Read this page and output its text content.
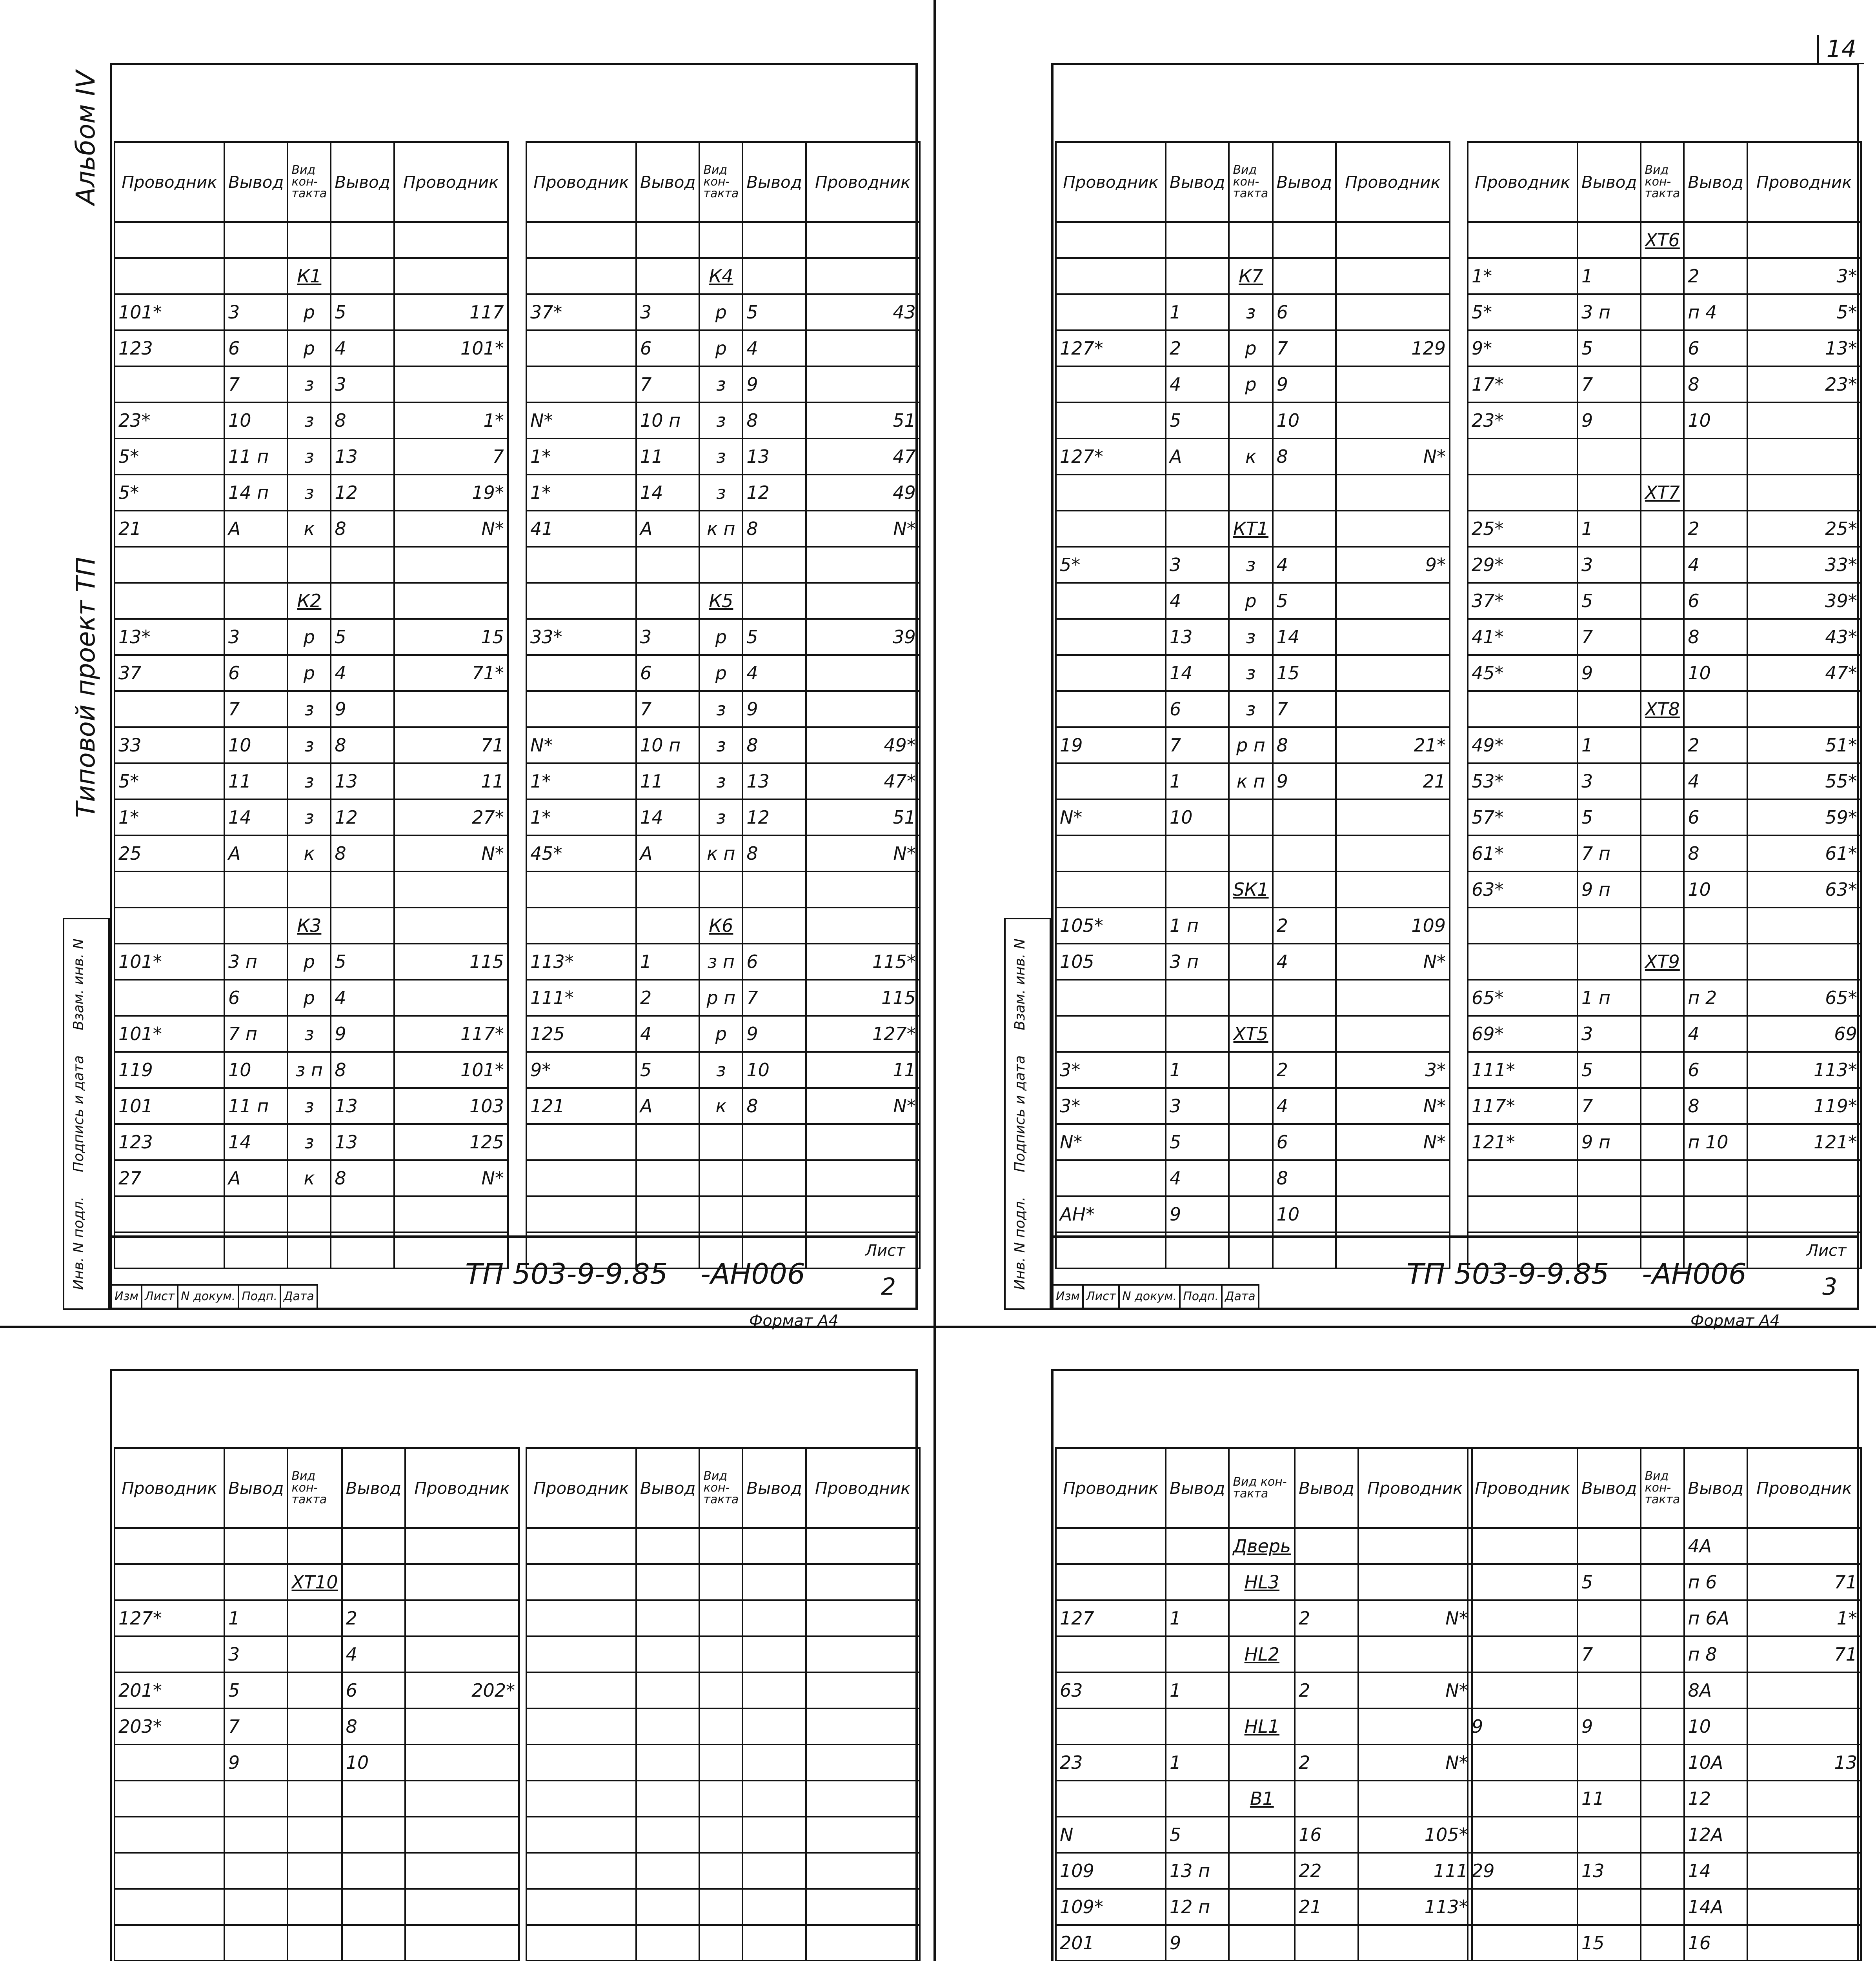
14
Проводник	Вывод	Вид кон- такта	Вывод	Проводник

		К1		
101*	3	р	5	117
123	6	р	4	101*
	7	з	3	
23*	10	з	8	1*
5*	11 п	з	13	7
5*	14 п	з	12	19*
21	А	к	8	N*

		К2		
13*	3	р	5	15
37	6	р	4	71*
	7	з	9	
33	10	з	8	71
5*	11	з	13	11
1*	14	з	12	27*
25	А	к	8	N*

		К3		
101*	3 п	р	5	115
	6	р	4	
101*	7 п	з	9	117*
119	10	з п	8	101*
101	11 п	з	13	103
123	14	з	13	125
27	А	к	8	N*

Проводник	Вывод	Вид кон- такта	Вывод	Проводник

		К4		
37*	3	р	5	43
	6	р	4	
	7	з	9	
N*	10 п	з	8	51
1*	11	з	13	47
1*	14	з	12	49
41	А	к п	8	N*

		К5		
33*	3	р	5	39
	6	р	4	
	7	з	9	
N*	10 п	з	8	49*
1*	11	з	13	47*
1*	14	з	12	51
45*	А	к п	8	N*

		К6		
113*	1	з п	6	115*
111*	2	р п	7	115
125	4	р	9	127*
9*	5	з	10	11
121	А	к	8	N*

Инв. N подл.
Подпись и дата
Взам. инв. N
Альбом IV
Типовой проект ТП
ТП 503-9-9.85 -АН006
Лист
2
Изм Лист N докум. Подп. Дата
Формат А4
Проводник	Вывод	Вид кон- такта	Вывод	Проводник

		К7		
	1	з	6	
127*	2	р	7	129
	4	р	9	
	5		10	
127*	А	к	8	N*

		КТ1		
5*	3	з	4	9*
	4	р	5	
	13	з	14	
	14	з	15	
	6	з	7	
19	7	р п	8	21*
	1	к п	9	21
N*	10			

		SК1		
105*	1 п		2	109
105	3 п		4	N*

		ХТ5		
3*	1		2	3*
3*	3		4	N*
N*	5		6	N*
	4		8	
АН*	9		10	

Проводник	Вывод	Вид кон- такта	Вывод	Проводник
		ХТ6		
1*	1		2	3*
5*	3 п		п 4	5*
9*	5		6	13*
17*	7		8	23*
23*	9		10	

		ХТ7		
25*	1		2	25*
29*	3		4	33*
37*	5		6	39*
41*	7		8	43*
45*	9		10	47*
		ХТ8		
49*	1		2	51*
53*	3		4	55*
57*	5		6	59*
61*	7 п		8	61*
63*	9 п		10	63*

		ХТ9		
65*	1 п		п 2	65*
69*	3		4	69
111*	5		6	113*
117*	7		8	119*
121*	9 п		п 10	121*

Инв. N подл.
Подпись и дата
Взам. инв. N
ТП 503-9-9.85 -АН006
Лист
3
Изм Лист N докум. Подп. Дата
Формат А4
Проводник	Вывод	Вид кон- такта	Вывод	Проводник

		ХТ10		
127*	1		2	
	3		4	
201*	5		6	202*
203*	7		8	
	9		10	

Проводник	Вывод	Вид кон- такта	Вывод	Проводник

					Проводник	Вывод	Вид кон- такта	Вывод	Проводник
		Дверь		
		HL3		
127	1		2	N*
		HL2		
63	1		2	N*
		HL1		
23	1		2	N*
		В1		
N	5		16	105*
109	13 п		22	111
109*	12 п		21	113*
201	9			

Проводник	Вывод	Вид кон- такта	Вывод	Проводник
			4А	
	5		п 6	71
			п 6А	1*
	7		п 8	71
			8А	
9	9		10	
			10А	13
	11		12	
			12А	
29	13		14	
			14А	
	15		16	
